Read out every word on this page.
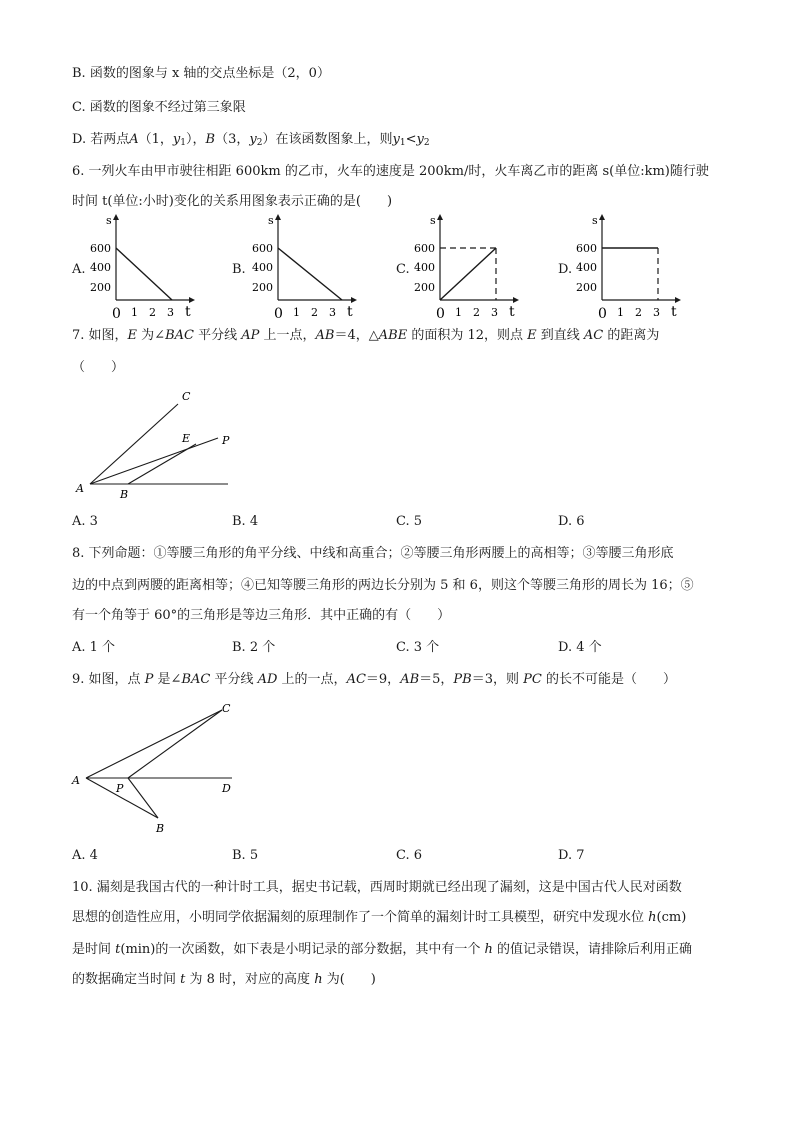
B. 函数的图象与 x 轴的交点坐标是（2，0）
C. 函数的图象不经过第三象限
D. 若两点A（1，$y_1$），B（3，$y_2$）在该函数图象上，则$y_1<y_2$
6. 一列火车由甲市驶往相距 600km 的乙市，火车的速度是 200km/时，火车离乙市的距离 s(单位:km)随行驶
时间 t(单位:小时)变化的关系用图象表示正确的是(　　)
A.	B.	C.	D.
s
t
600
400
200
0 1 2 3
s
t
600
400
200
0 1 2 3
s
t
600
400
200
0 1 2 3
s
t
600
400
200
0 1 2 3
7. 如图，E 为∠BAC 平分线 AP 上一点，AB＝4，△ABE 的面积为 12，则点 E 到直线 AC 的距离为
（　　）
A	B
C
E	P
A. 3	B. 4	C. 5	D. 6
8. 下列命题：①等腰三角形的角平分线、中线和高重合；②等腰三角形两腰上的高相等；③等腰三角形底
边的中点到两腰的距离相等；④已知等腰三角形的两边长分别为 5 和 6，则这个等腰三角形的周长为 16；⑤
有一个角等于 60°的三角形是等边三角形．其中正确的有（　　）
A. 1 个	B. 2 个	C. 3 个	D. 4 个
9. 如图，点 P 是∠BAC 平分线 AD 上的一点，AC＝9，AB＝5，PB＝3，则 PC 的长不可能是（　　）
A
P
B
C
D
A. 4	B. 5	C. 6	D. 7
10. 漏刻是我国古代的一种计时工具，据史书记载，西周时期就已经出现了漏刻，这是中国古代人民对函数
思想的创造性应用，小明同学依据漏刻的原理制作了一个简单的漏刻计时工具模型，研究中发现水位 h(cm)
是时间 t(min)的一次函数，如下表是小明记录的部分数据，其中有一个 h 的值记录错误，请排除后利用正确
的数据确定当时间 t 为 8 时，对应的高度 h 为(　　)
